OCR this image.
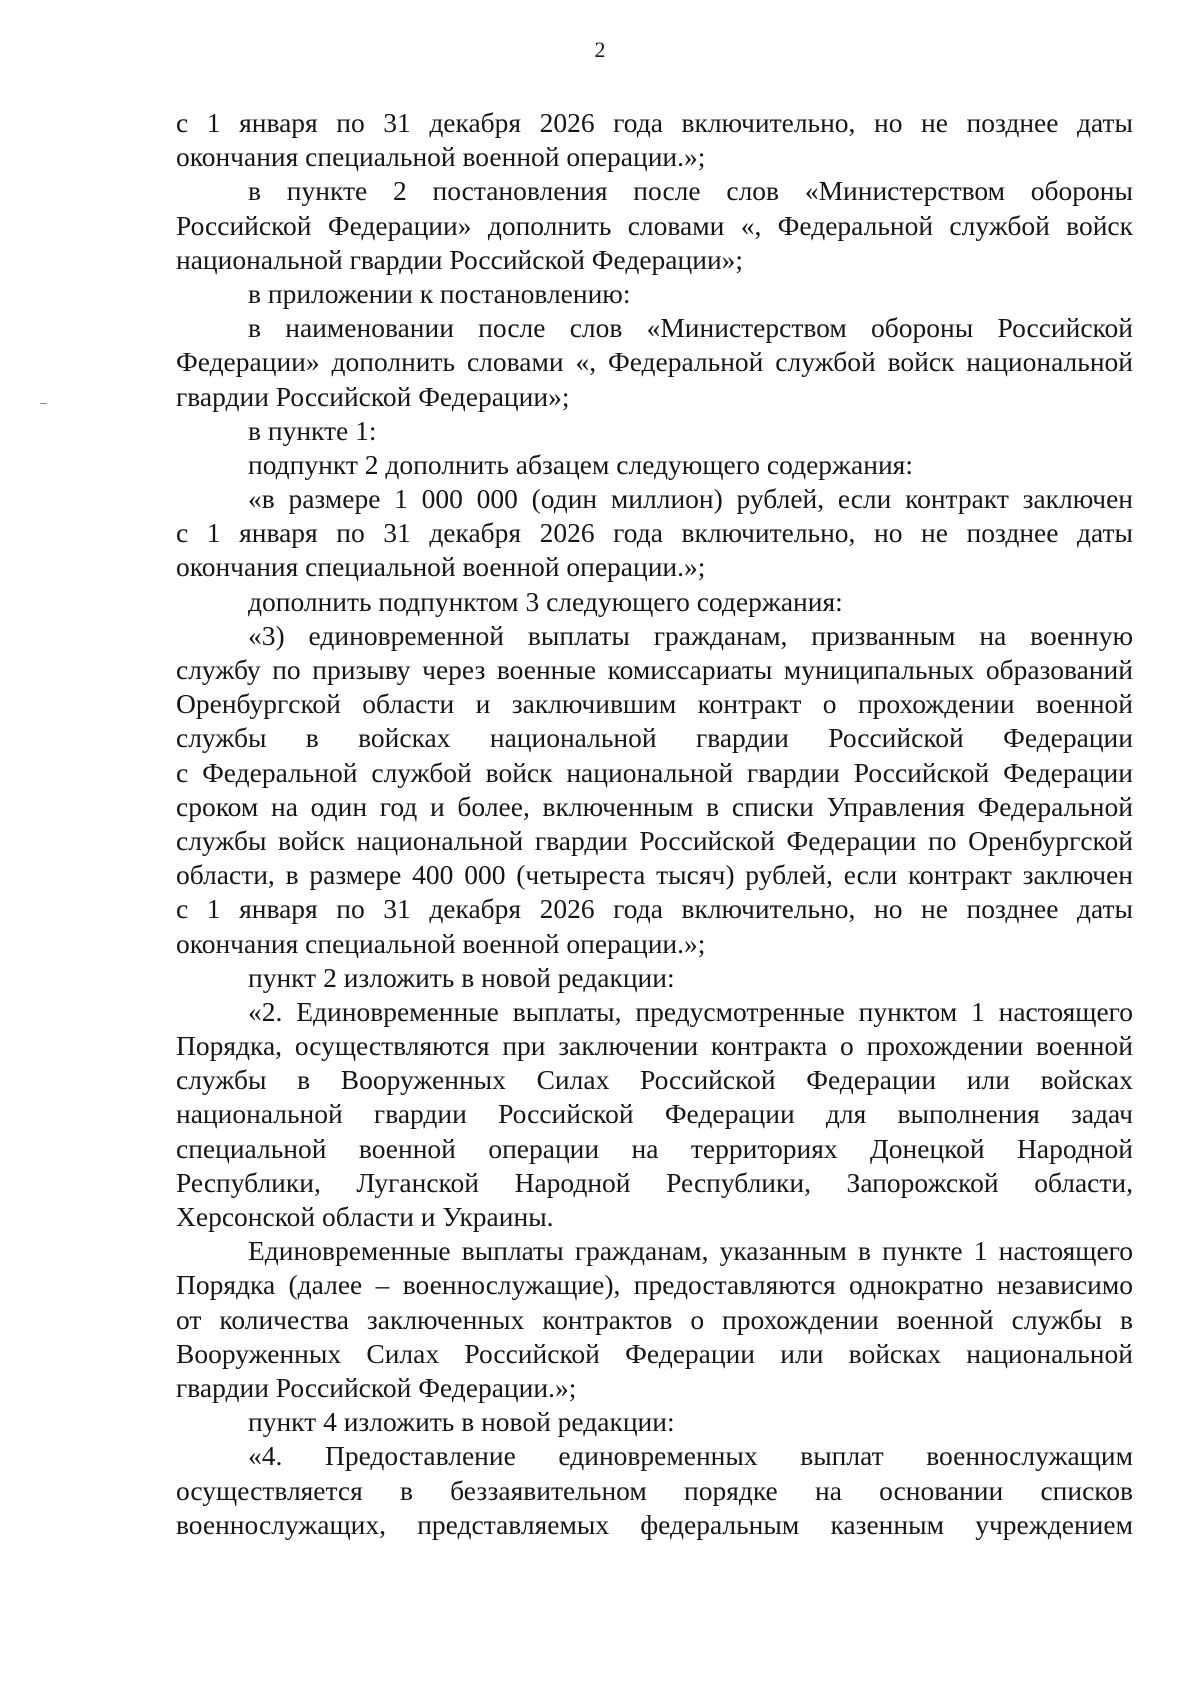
2
с 1 января по 31 декабря 2026 года включительно, но не позднее даты
окончания специальной военной операции.»;
в пункте 2 постановления после слов «Министерством обороны
Российской Федерации» дополнить словами «, Федеральной службой войск
национальной гвардии Российской Федерации»;
в приложении к постановлению:
в наименовании после слов «Министерством обороны Российской
Федерации» дополнить словами «, Федеральной службой войск национальной
гвардии Российской Федерации»;
в пункте 1:
подпункт 2 дополнить абзацем следующего содержания:
«в размере 1 000 000 (один миллион) рублей, если контракт заключен
с 1 января по 31 декабря 2026 года включительно, но не позднее даты
окончания специальной военной операции.»;
дополнить подпунктом 3 следующего содержания:
«3) единовременной выплаты гражданам, призванным на военную
службу по призыву через военные комиссариаты муниципальных образований
Оренбургской области и заключившим контракт о прохождении военной
службы в войсках национальной гвардии Российской Федерации
с Федеральной службой войск национальной гвардии Российской Федерации
сроком на один год и более, включенным в списки Управления Федеральной
службы войск национальной гвардии Российской Федерации по Оренбургской
области, в размере 400 000 (четыреста тысяч) рублей, если контракт заключен
с 1 января по 31 декабря 2026 года включительно, но не позднее даты
окончания специальной военной операции.»;
пункт 2 изложить в новой редакции:
«2. Единовременные выплаты, предусмотренные пунктом 1 настоящего
Порядка, осуществляются при заключении контракта о прохождении военной
службы в Вооруженных Силах Российской Федерации или войсках
национальной гвардии Российской Федерации для выполнения задач
специальной военной операции на территориях Донецкой Народной
Республики, Луганской Народной Республики, Запорожской области,
Херсонской области и Украины.
Единовременные выплаты гражданам, указанным в пункте 1 настоящего
Порядка (далее – военнослужащие), предоставляются однократно независимо
от количества заключенных контрактов о прохождении военной службы в
Вооруженных Силах Российской Федерации или войсках национальной
гвардии Российской Федерации.»;
пункт 4 изложить в новой редакции:
«4. Предоставление единовременных выплат военнослужащим
осуществляется в беззаявительном порядке на основании списков
военнослужащих, представляемых федеральным казенным учреждением
